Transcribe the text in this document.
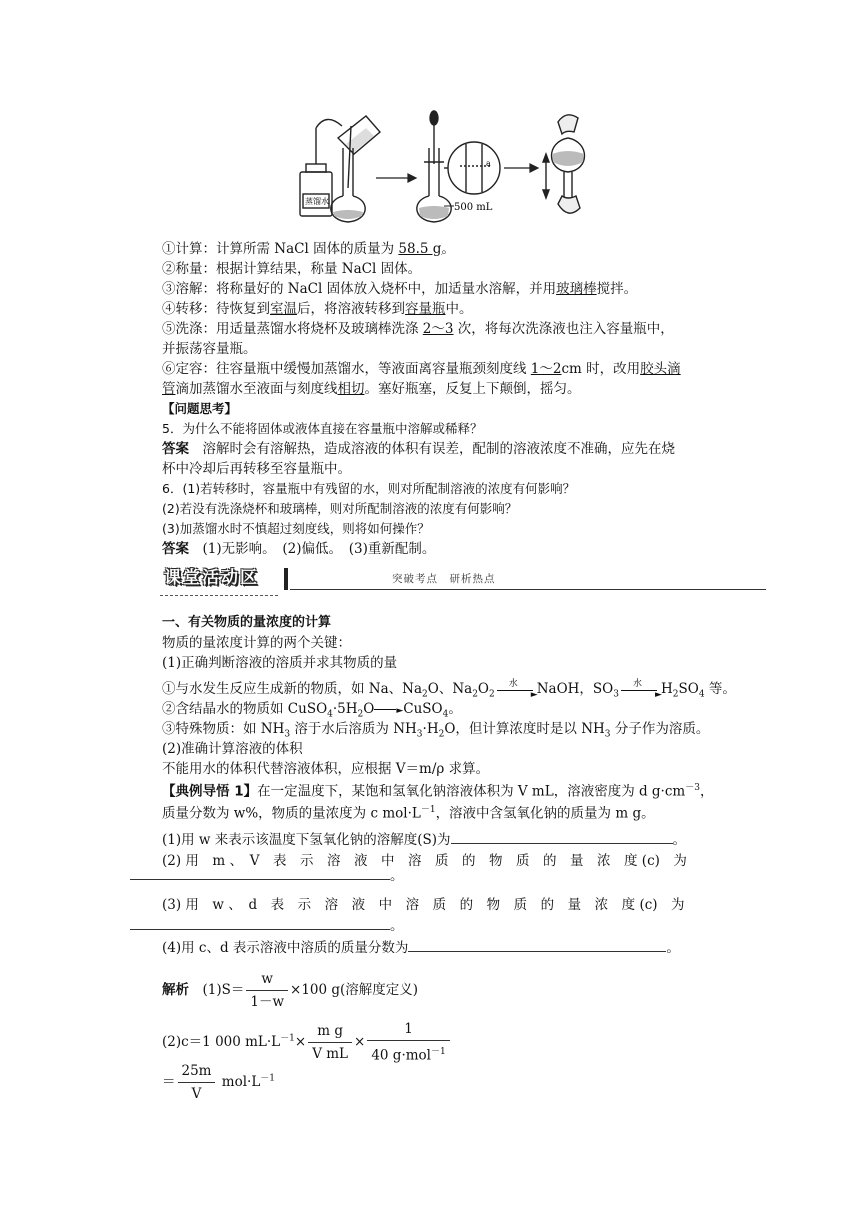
蒸馏水
500 mL
a
①计算：计算所需 NaCl 固体的质量为 58.5 g。
②称量：根据计算结果，称量 NaCl 固体。
③溶解：将称量好的 NaCl 固体放入烧杯中，加适量水溶解，并用玻璃棒搅拌。
④转移：待恢复到室温后，将溶液转移到容量瓶中。
⑤洗涤：用适量蒸馏水将烧杯及玻璃棒洗涤 2～3 次，将每次洗涤液也注入容量瓶中，
并振荡容量瓶。
⑥定容：往容量瓶中缓慢加蒸馏水，等液面离容量瓶颈刻度线 1～2cm 时，改用胶头滴
管滴加蒸馏水至液面与刻度线相切。塞好瓶塞，反复上下颠倒，摇匀。
【问题思考】
5．为什么不能将固体或液体直接在容量瓶中溶解或稀释？
答案　溶解时会有溶解热，造成溶液的体积有误差，配制的溶液浓度不准确，应先在烧
杯中冷却后再转移至容量瓶中。
6．(1)若转移时，容量瓶中有残留的水，则对所配制溶液的浓度有何影响？
(2)若没有洗涤烧杯和玻璃棒，则对所配制溶液的浓度有何影响？
(3)加蒸馏水时不慎超过刻度线，则将如何操作？
答案　(1)无影响。　(2)偏低。　(3)重新配制。
课堂活动区	突破考点　研析热点
一、有关物质的量浓度的计算
物质的量浓度计算的两个关键：
(1)正确判断溶液的溶质并求其物质的量
①与水发生反应生成新的物质，如 Na、$Na_2O$、$Na_2O_2$
水
► NaOH，$SO_3$
水
► $H_2SO_4$ 等。
②含结晶水的物质如 $CuSO_4\cdot 5H_2O$ ►CuSO$_4$。
③特殊物质：如 $NH_3$ 溶于水后溶质为 $NH_3\cdot H_2O$，但计算浓度时是以 $NH_3$ 分子作为溶质。
(2)准确计算溶液的体积
不能用水的体积代替溶液体积，应根据 V＝m/ρ 求算。
【典例导悟 1】在一定温度下，某饱和氢氧化钠溶液体积为 V mL，溶液密度为 d $g\cdot cm^{-3}$，
质量分数为 w%，物质的量浓度为 c $mol\cdot L^{-1}$，溶液中含氢氧化钠的质量为 m g。
(1)用 w 来表示该温度下氢氧化钠的溶解度(S)为	。
(2) 用　m 、　V　表　示　溶　液　中　溶　质　的　物　质　的　量　浓　度 (c)　为
。
(3) 用　w 、　d　表　示　溶　液　中　溶　质　的　物　质　的　量　浓　度 (c)　为
。
(4)用 c、d 表示溶液中溶质的质量分数为	。
解析　 $(1)S= \frac{w}{1-w} \times 100$ g(溶解度定义)
(2)c＝1 000 $mL\cdot L^{-1}\times \frac{\text{m g}}{\text{V mL}} \times \frac{1}{40 g\cdot mol^{-1}}$
＝ $\frac{25m}{V} mol\cdot L^{-1}$
